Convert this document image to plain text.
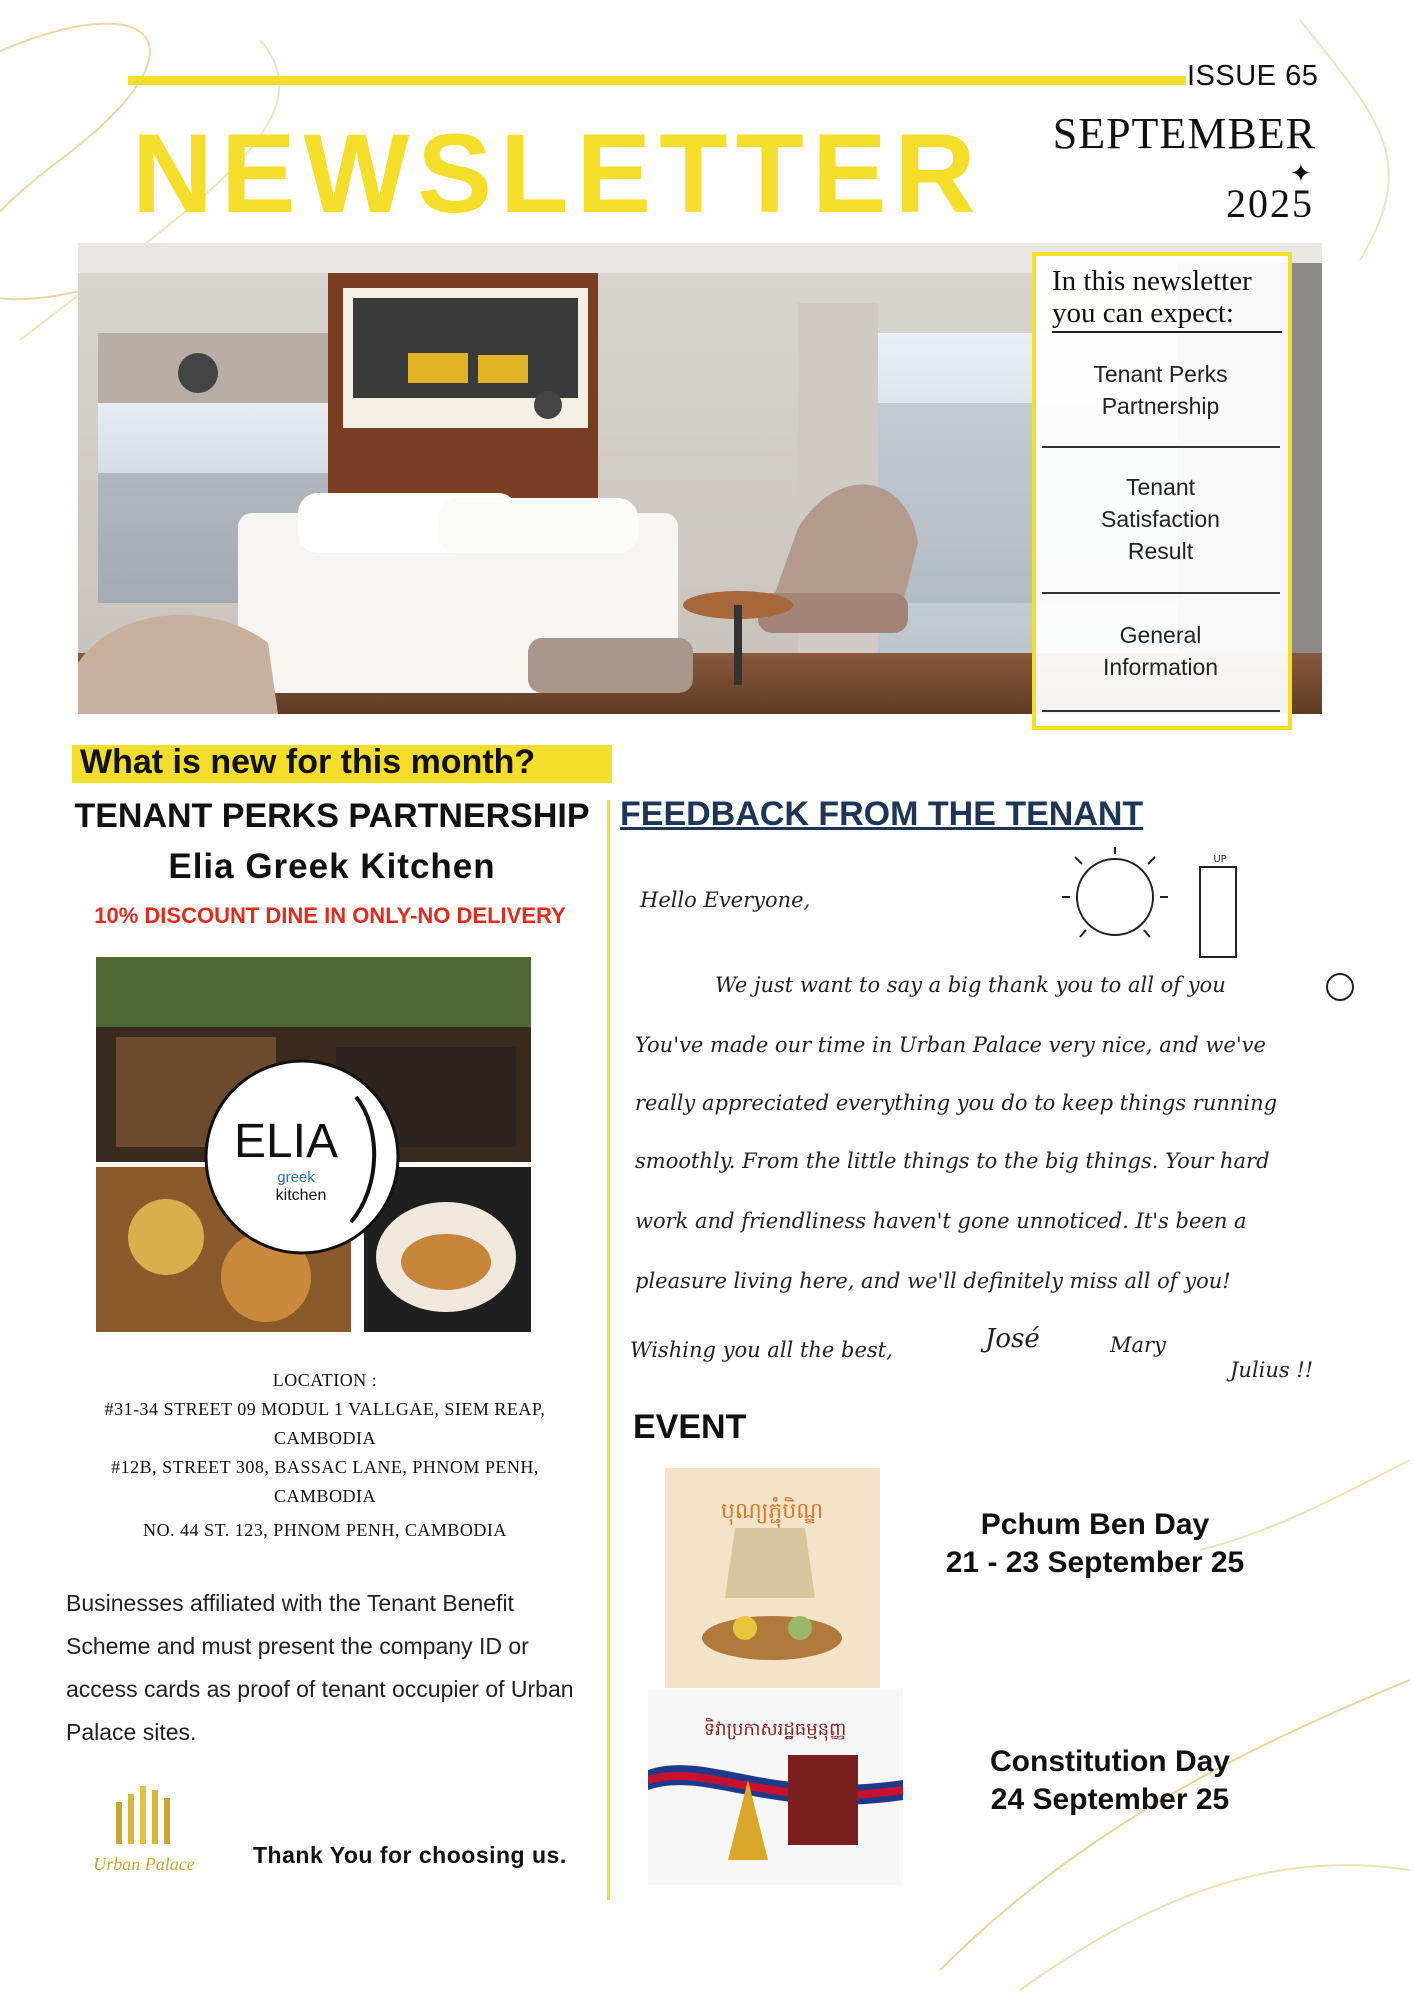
ISSUE 65
NEWSLETTER SEPTEMBER
✦
2025
In this newsletter you can expect:
Tenant Perks
Partnership
Tenant
Satisfaction
Result
General
Information
What is new for this month?
TENANT PERKS PARTNERSHIP
Elia Greek Kitchen
10% DISCOUNT DINE IN ONLY-NO DELIVERY
ELIA
greek
kitchen
LOCATION :
#31-34 STREET 09 MODUL 1 VALLGAE, SIEM REAP,
CAMBODIA
#12B, STREET 308, BASSAC LANE, PHNOM PENH,
CAMBODIA
NO. 44 ST. 123, PHNOM PENH, CAMBODIA
Businesses affiliated with the Tenant Benefit Scheme and must present the company ID or access cards as proof of tenant occupier of Urban Palace sites.
Urban Palace	Thank You for choosing us.
FEEDBACK FROM THE TENANT
UP
Hello Everyone,
We just want to say a big thank you to all of you
You've made our time in Urban Palace very nice, and we've
really appreciated everything you do to keep things running
smoothly. From the little things to the big things. Your hard
work and friendliness haven't gone unnoticed. It's been a
pleasure living here, and we'll definitely miss all of you!
Wishing you all the best,	José	Mary
Julius !!
EVENT
បុណ្យភ្ជុំបិណ្ឌ	Pchum Ben Day
21 - 23 September 25
ទិវាប្រកាសរដ្ឋធម្មនុញ្ញ
Constitution Day
24 September 25
